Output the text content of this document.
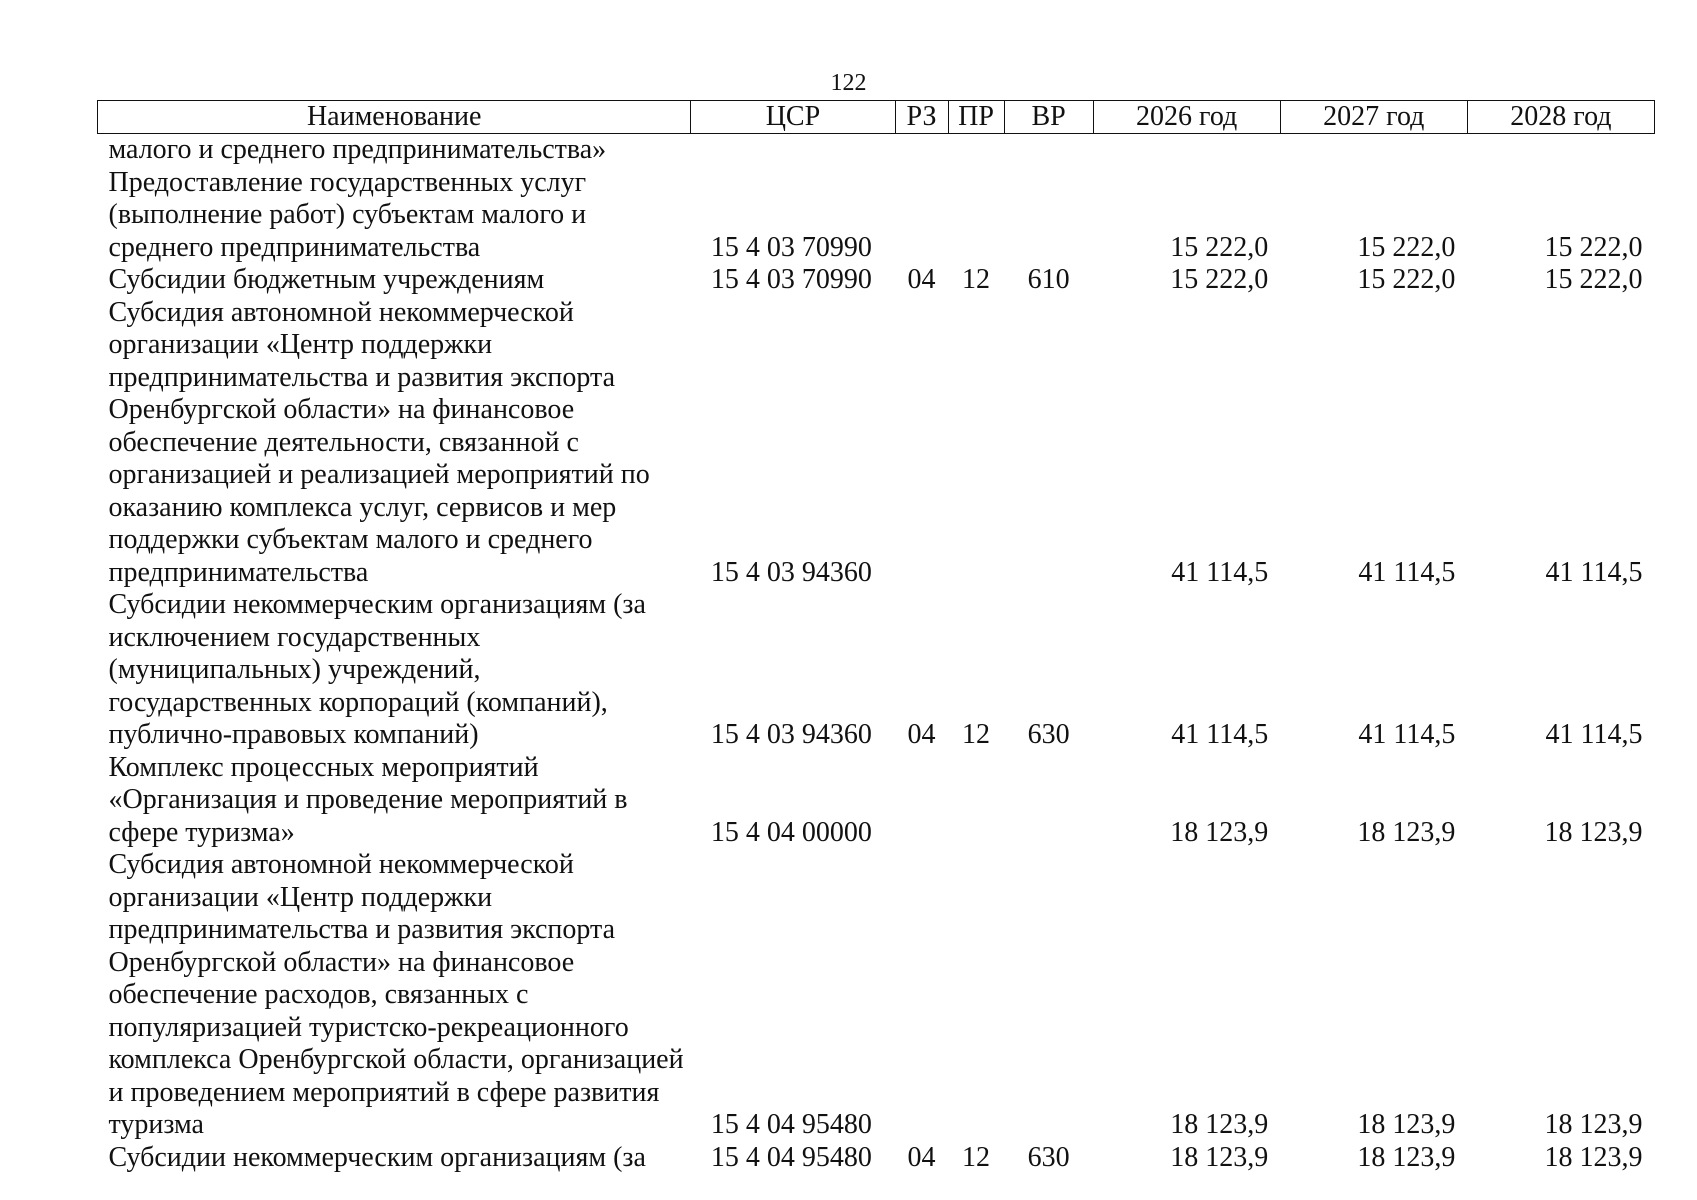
122
Наименование	ЦСР	РЗ	ПР	ВР	2026 год	2027 год	2028 год
малого и среднего предпринимательства»							
Предоставление государственных услуг (выполнение работ) субъектам малого и среднего предпринимательства	15 4 03 70990				15 222,0	15 222,0	15 222,0
Субсидии бюджетным учреждениям	15 4 03 70990	04	12	610	15 222,0	15 222,0	15 222,0
Субсидия автономной некоммерческой организации «Центр поддержки предпринимательства и развития экспорта Оренбургской области» на финансовое обеспечение деятельности, связанной с организацией и реализацией мероприятий по оказанию комплекса услуг, сервисов и мер поддержки субъектам малого и среднего предпринимательства	15 4 03 94360				41 114,5	41 114,5	41 114,5
Субсидии некоммерческим организациям (за исключением государственных (муниципальных) учреждений, государственных корпораций (компаний), публично-правовых компаний)	15 4 03 94360	04	12	630	41 114,5	41 114,5	41 114,5
Комплекс процессных мероприятий «Организация и проведение мероприятий в сфере туризма»	15 4 04 00000				18 123,9	18 123,9	18 123,9
Субсидия автономной некоммерческой организации «Центр поддержки предпринимательства и развития экспорта Оренбургской области» на финансовое обеспечение расходов, связанных с популяризацией туристско-рекреационного комплекса Оренбургской области, организацией и проведением мероприятий в сфере развития туризма	15 4 04 95480				18 123,9	18 123,9	18 123,9
Субсидии некоммерческим организациям (за	15 4 04 95480	04	12	630	18 123,9	18 123,9	18 123,9
